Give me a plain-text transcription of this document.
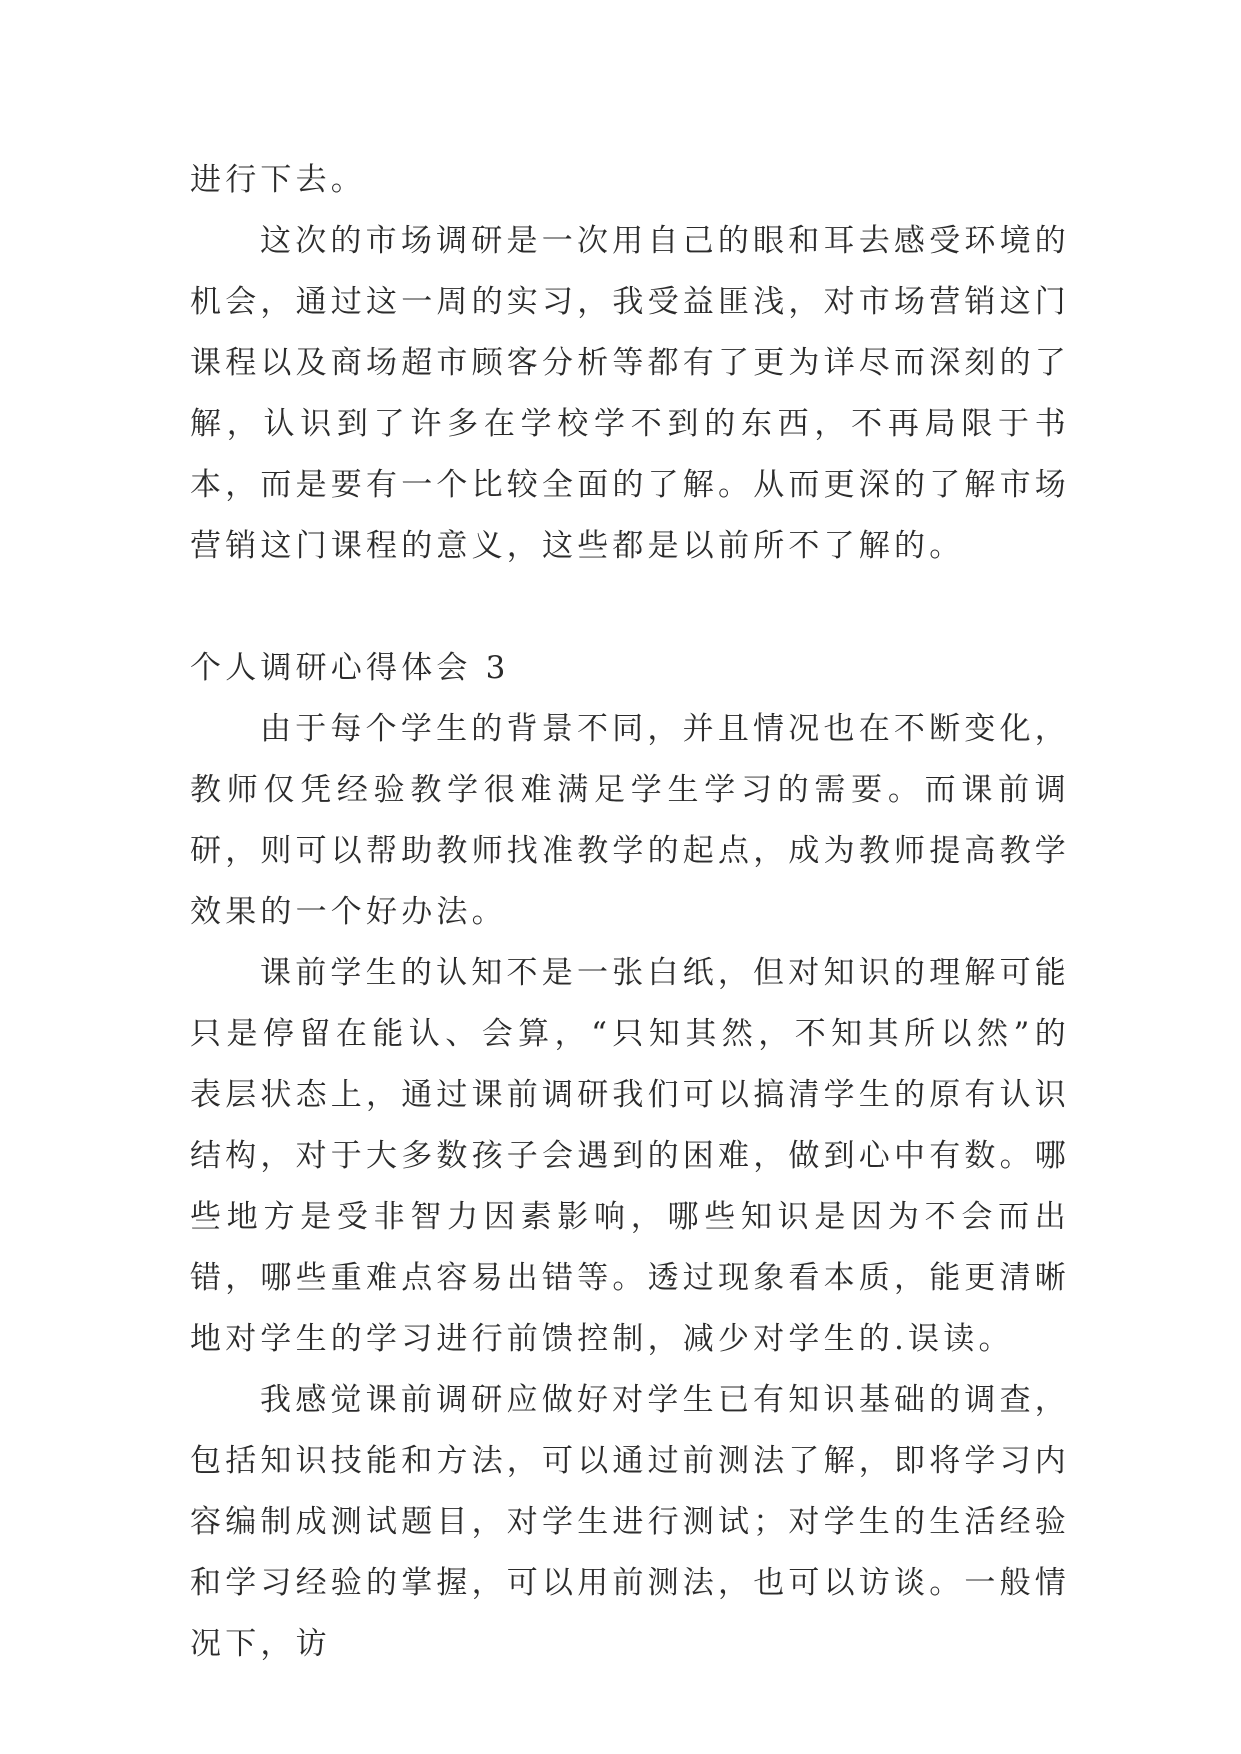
进行下去。

这次的市场调研是一次用自己的眼和耳去感受环境的机会，通过这一周的实习，我受益匪浅，对市场营销这门课程以及商场超市顾客分析等都有了更为详尽而深刻的了解，认识到了许多在学校学不到的东西，不再局限于书本，而是要有一个比较全面的了解。从而更深的了解市场营销这门课程的意义，这些都是以前所不了解的。

个人调研心得体会 3

由于每个学生的背景不同，并且情况也在不断变化，教师仅凭经验教学很难满足学生学习的需要。而课前调研，则可以帮助教师找准教学的起点，成为教师提高教学效果的一个好办法。

课前学生的认知不是一张白纸，但对知识的理解可能只是停留在能认、会算，“只知其然，不知其所以然”的表层状态上，通过课前调研我们可以搞清学生的原有认识结构，对于大多数孩子会遇到的困难，做到心中有数。哪些地方是受非智力因素影响，哪些知识是因为不会而出错，哪些重难点容易出错等。透过现象看本质，能更清晰地对学生的学习进行前馈控制，减少对学生的.误读。

我感觉课前调研应做好对学生已有知识基础的调查，包括知识技能和方法，可以通过前测法了解，即将学习内容编制成测试题目，对学生进行测试；对学生的生活经验和学习经验的掌握，可以用前测法，也可以访谈。一般情况下，访
